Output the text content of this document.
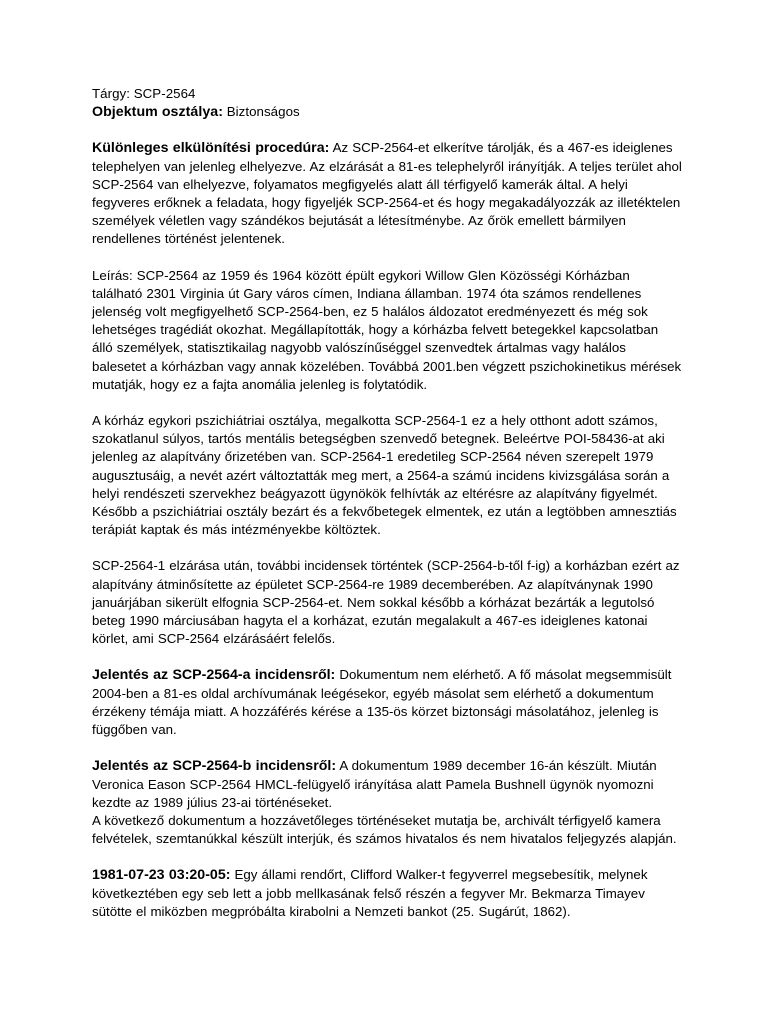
Tárgy: SCP-2564
Objektum osztálya: Biztonságos
Különleges elkülönítési procedúra: Az SCP-2564-et elkerítve tárolják, és a 467-es ideiglenes telephelyen van jelenleg elhelyezve. Az elzárását a 81-es telephelyről irányítják. A teljes terület ahol SCP-2564 van elhelyezve, folyamatos megfigyelés alatt áll térfigyelő kamerák által. A helyi fegyveres erőknek a feladata, hogy figyeljék SCP-2564-et és hogy megakadályozzák az illetéktelen személyek véletlen vagy szándékos bejutását a létesítménybe. Az őrök emellett bármilyen rendellenes történést jelentenek.
Leírás: SCP-2564 az 1959 és 1964 között épült egykori Willow Glen Közösségi Kórházban található 2301 Virginia út Gary város címen, Indiana államban. 1974 óta számos rendellenes jelenség volt megfigyelhető SCP-2564-ben, ez 5 halálos áldozatot eredményezett és még sok lehetséges tragédiát okozhat. Megállapították, hogy a kórházba felvett betegekkel kapcsolatban álló személyek, statisztikailag nagyobb valószínűséggel szenvedtek ártalmas vagy halálos balesetet a kórházban vagy annak közelében. Továbbá 2001.ben végzett pszichokinetikus mérések mutatják, hogy ez a fajta anomália jelenleg is folytatódik.
A kórház egykori pszichiátriai osztálya, megalkotta SCP-2564-1 ez a hely otthont adott számos, szokatlanul súlyos, tartós mentális betegségben szenvedő betegnek. Beleértve POI-58436-at aki jelenleg az alapítvány őrizetében van. SCP-2564-1 eredetileg SCP-2564 néven szerepelt 1979 augusztusáig, a nevét azért változtatták meg mert, a 2564-a számú incidens kivizsgálása során a helyi rendészeti szervekhez beágyazott ügynökök felhívták az eltérésre az alapítvány figyelmét. Később a pszichiátriai osztály bezárt és a fekvőbetegek elmentek, ez után a legtöbben amnesztiás terápiát kaptak és más intézményekbe költöztek.
SCP-2564-1 elzárása után, további incidensek történtek (SCP-2564-b-től f-ig) a korházban ezért az alapítvány átminősítette az épületet SCP-2564-re 1989 decemberében. Az alapítványnak 1990 januárjában sikerült elfognia SCP-2564-et. Nem sokkal később a kórházat bezárták a legutolsó beteg 1990 márciusában hagyta el a korházat, ezután megalakult a 467-es ideiglenes katonai körlet, ami SCP-2564 elzárásáért felelős.
Jelentés az SCP-2564-a incidensről: Dokumentum nem elérhető. A fő másolat megsemmisült 2004-ben a 81-es oldal archívumának leégésekor, egyéb másolat sem elérhető a dokumentum érzékeny témája miatt. A hozzáférés kérése a 135-ös körzet biztonsági másolatához, jelenleg is függőben van.
Jelentés az SCP-2564-b incidensről: A dokumentum 1989 december 16-án készült. Miután Veronica Eason SCP-2564 HMCL-felügyelő irányítása alatt Pamela Bushnell ügynök nyomozni kezdte az 1989 július 23-ai történéseket.
A következő dokumentum a hozzávetőleges történéseket mutatja be, archivált térfigyelő kamera felvételek, szemtanúkkal készült interjúk, és számos hivatalos és nem hivatalos feljegyzés alapján.
1981-07-23 03:20-05: Egy állami rendőrt, Clifford Walker-t fegyverrel megsebesítik, melynek következtében egy seb lett a jobb mellkasának felső részén a fegyver Mr. Bekmarza Timayev sütötte el miközben megpróbálta kirabolni a Nemzeti bankot (25. Sugárút, 1862).
